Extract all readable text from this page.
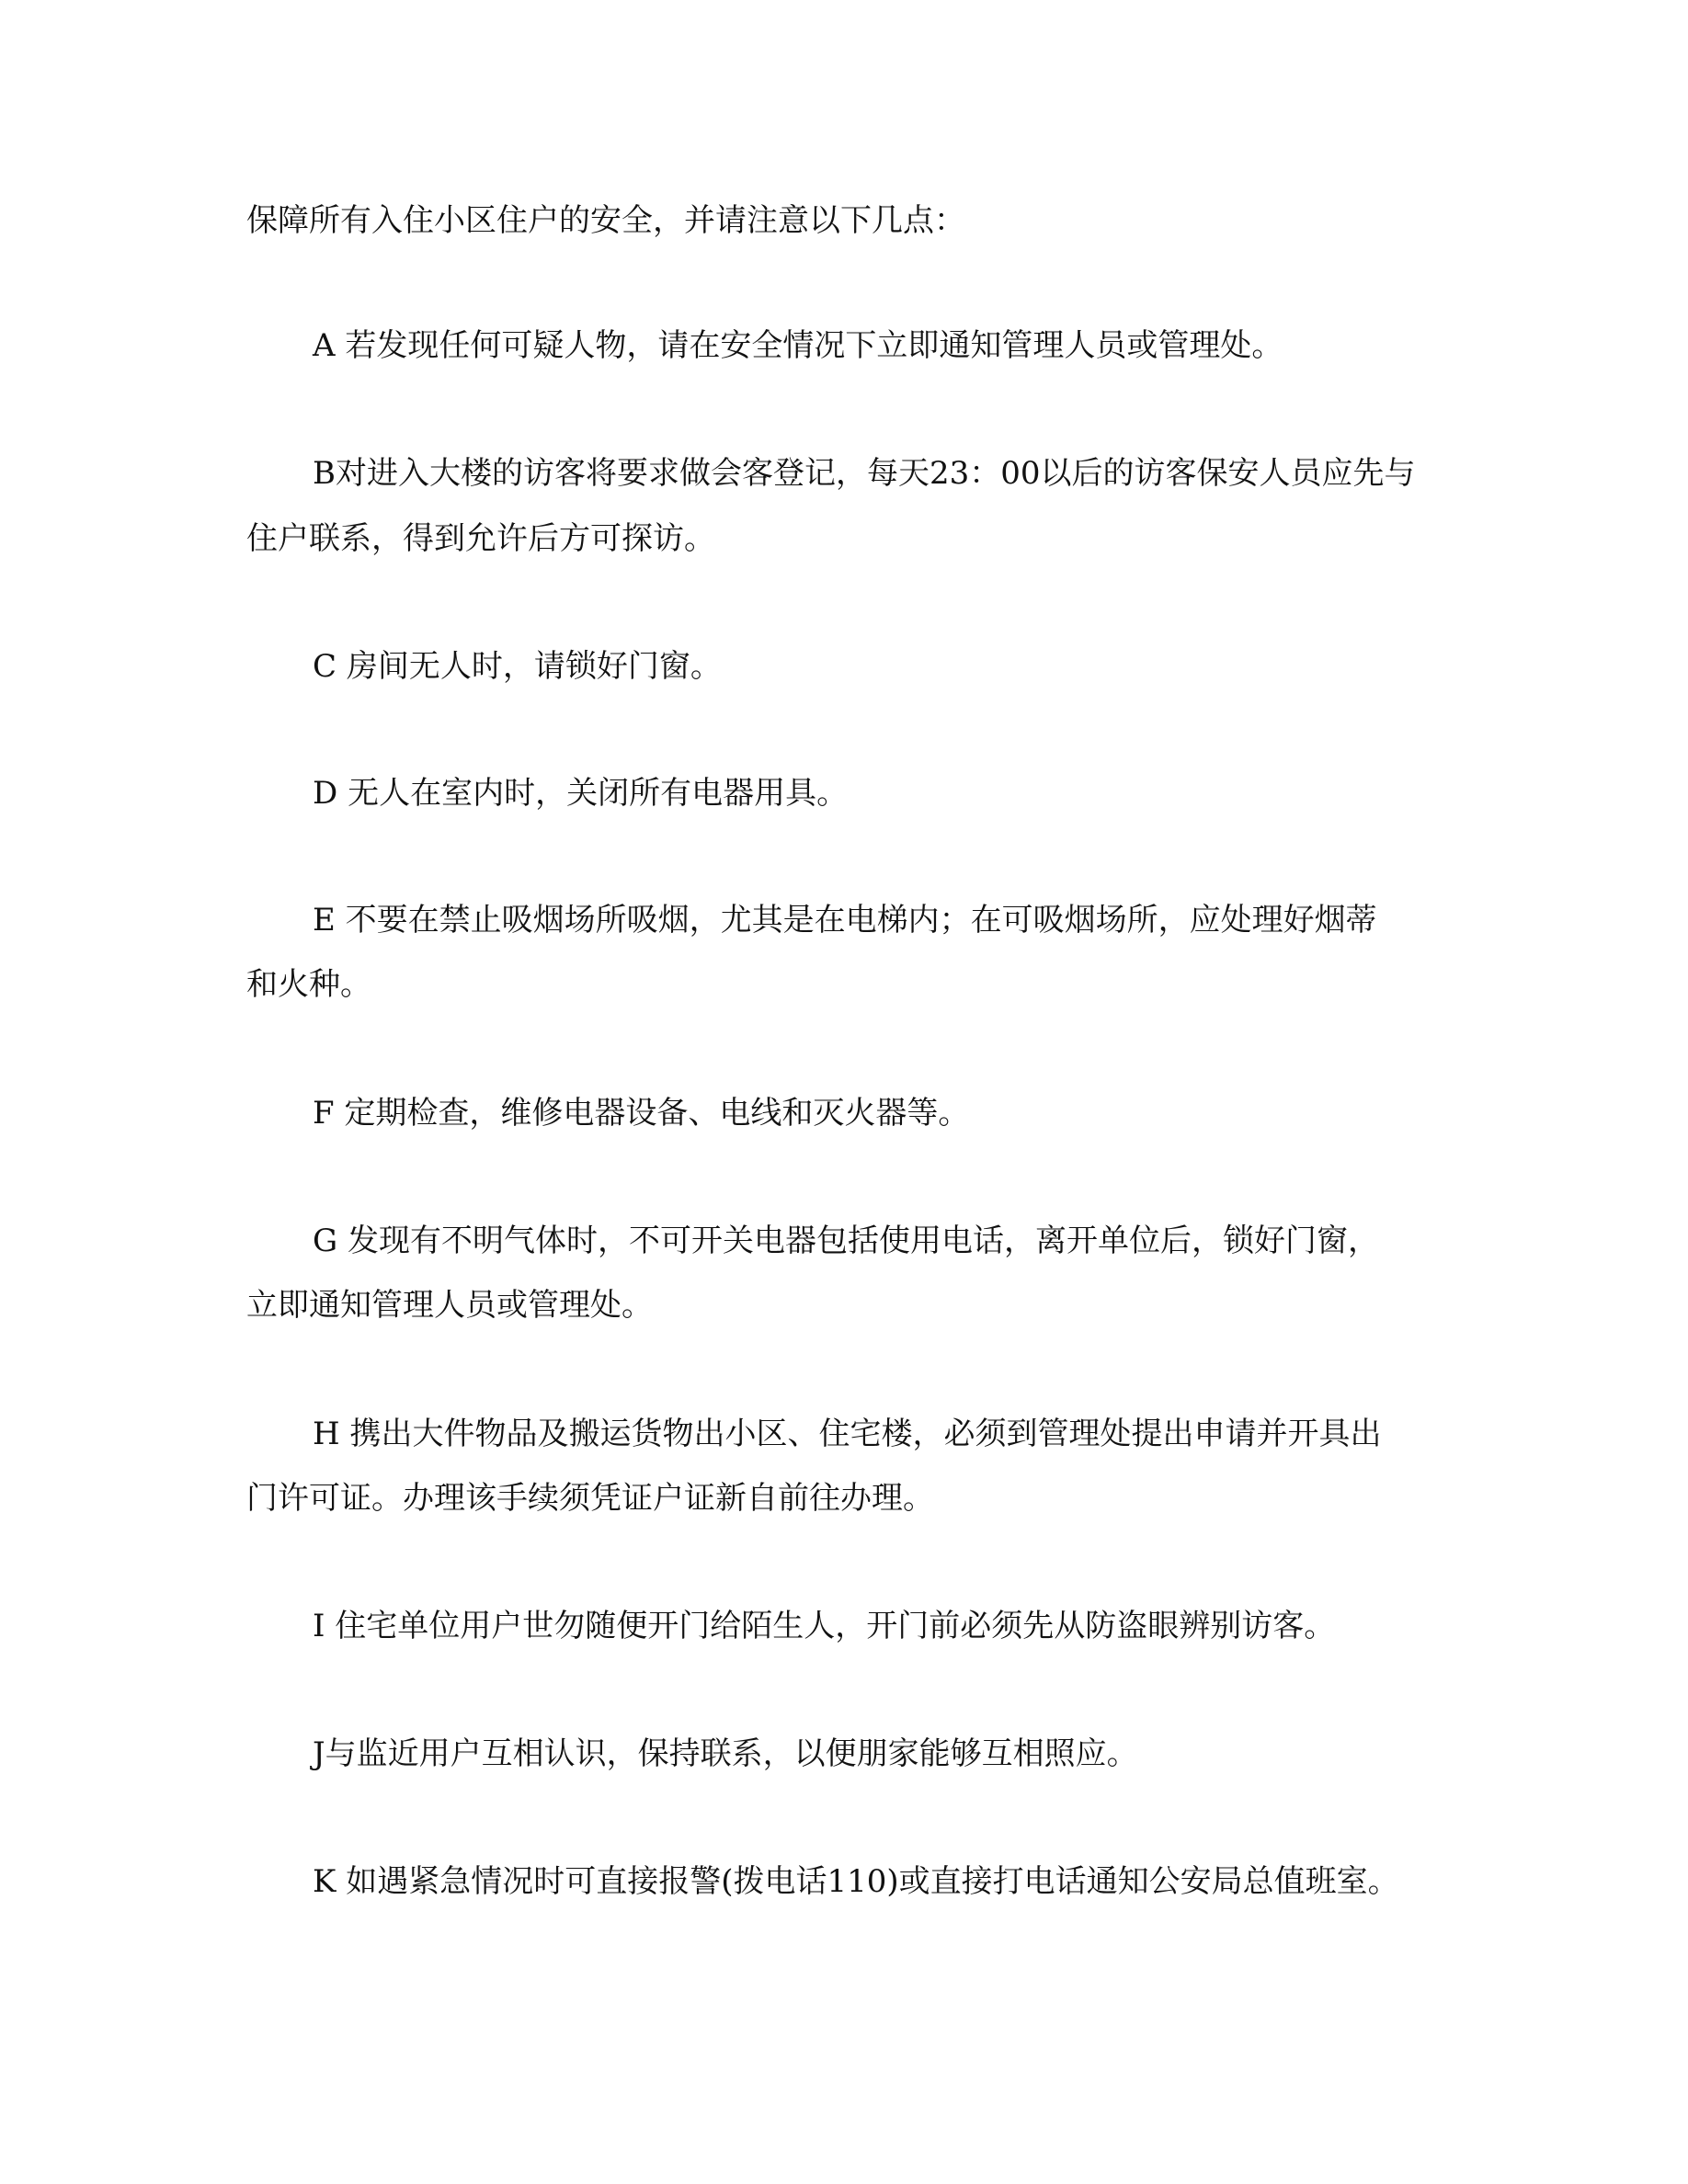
保障所有入住小区住户的安全，并请注意以下几点：

A 若发现任何可疑人物，请在安全情况下立即通知管理人员或管理处。

B对进入大楼的访客将要求做会客登记，每天23：00以后的访客保安人员应先与

住户联系，得到允许后方可探访。

C 房间无人时，请锁好门窗。

D 无人在室内时，关闭所有电器用具。

E 不要在禁止吸烟场所吸烟，尤其是在电梯内；在可吸烟场所，应处理好烟蒂

和火种。

F 定期检查，维修电器设备、电线和灭火器等。

G 发现有不明气体时，不可开关电器包括使用电话，离开单位后，锁好门窗，

立即通知管理人员或管理处。

H 携出大件物品及搬运货物出小区、住宅楼，必须到管理处提出申请并开具出

门许可证。办理该手续须凭证户证新自前往办理。

I 住宅单位用户世勿随便开门给陌生人，开门前必须先从防盗眼辨别访客。

J与监近用户互相认识，保持联系，以便朋家能够互相照应。

K 如遇紧急情况时可直接报警(拨电话110)或直接打电话通知公安局总值班室。
